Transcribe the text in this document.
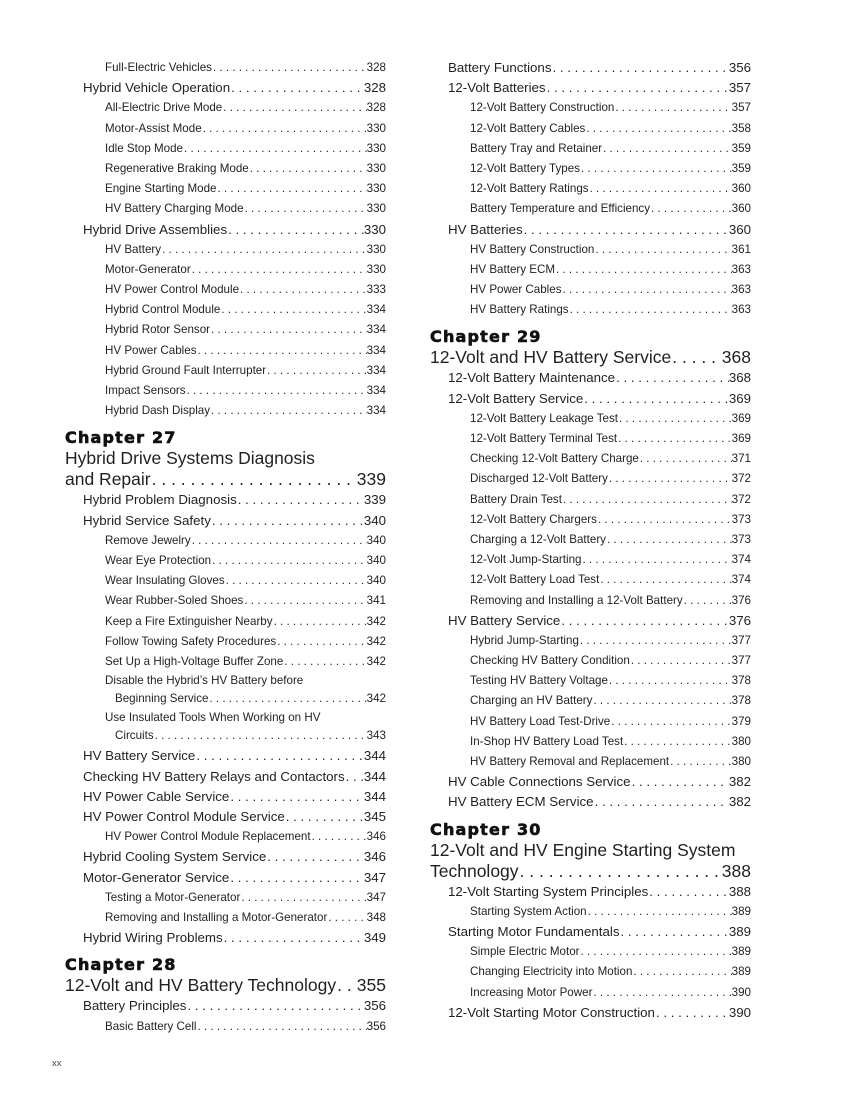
Full-Electric Vehicles . . .	328
Hybrid Vehicle Operation . . .	328
All-Electric Drive Mode . . .	328
Motor-Assist Mode . . .	330
Idle Stop Mode . . .	330
Regenerative Braking Mode . . .	330
Engine Starting Mode . . .	330
HV Battery Charging Mode . . .	330
Hybrid Drive Assemblies . . .	330
HV Battery . . .	330
Motor-Generator . . .	330
HV Power Control Module . . .	333
Hybrid Control Module . . .	334
Hybrid Rotor Sensor . . .	334
HV Power Cables . . .	334
Hybrid Ground Fault Interrupter . . .	334
Impact Sensors . . .	334
Hybrid Dash Display . . .	334
Chapter 27
Hybrid Drive Systems Diagnosis
and Repair . . .	339
Hybrid Problem Diagnosis . . .	339
Hybrid Service Safety . . .	340
Remove Jewelry . . .	340
Wear Eye Protection . . .	340
Wear Insulating Gloves . . .	340
Wear Rubber-Soled Shoes . . .	341
Keep a Fire Extinguisher Nearby . . .	342
Follow Towing Safety Procedures . . .	342
Set Up a High-Voltage Buffer Zone . . .	342
Disable the Hybrid’s HV Battery before
Beginning Service . . .	342
Use Insulated Tools When Working on HV
Circuits . . .	343
HV Battery Service . . .	344
Checking HV Battery Relays and Contactors . . . 344
HV Power Cable Service . . .	344
HV Power Control Module Service . . .	345
HV Power Control Module Replacement . . .	346
Hybrid Cooling System Service . . .	346
Motor-Generator Service . . .	347
Testing a Motor-Generator . . .	347
Removing and Installing a Motor-Generator . . .	348
Hybrid Wiring Problems . . .	349
Chapter 28
12-Volt and HV Battery Technology . . . 355
Battery Principles . . .	356
Basic Battery Cell . . .	356
Battery Functions . . .	356
12-Volt Batteries . . .	357
12-Volt Battery Construction . . .	357
12-Volt Battery Cables . . .	358
Battery Tray and Retainer . . .	359
12-Volt Battery Types . . .	359
12-Volt Battery Ratings . . .	360
Battery Temperature and Efficiency . . .	360
HV Batteries . . .	360
HV Battery Construction . . .	361
HV Battery ECM . . .	363
HV Power Cables . . .	363
HV Battery Ratings . . .	363
Chapter 29
12-Volt and HV Battery Service . . .	368
12-Volt Battery Maintenance . . .	368
12-Volt Battery Service . . .	369
12-Volt Battery Leakage Test . . .	369
12-Volt Battery Terminal Test . . .	369
Checking 12-Volt Battery Charge . . .	371
Discharged 12-Volt Battery . . .	372
Battery Drain Test . . .	372
12-Volt Battery Chargers . . .	373
Charging a 12-Volt Battery . . .	373
12-Volt Jump-Starting . . .	374
12-Volt Battery Load Test . . .	374
Removing and Installing a 12-Volt Battery . . .	376
HV Battery Service . . .	376
Hybrid Jump-Starting . . .	377
Checking HV Battery Condition . . .	377
Testing HV Battery Voltage . . .	378
Charging an HV Battery . . .	378
HV Battery Load Test-Drive . . .	379
In-Shop HV Battery Load Test . . .	380
HV Battery Removal and Replacement . . .	380
HV Cable Connections Service . . .	382
HV Battery ECM Service . . .	382
Chapter 30
12-Volt and HV Engine Starting System
Technology . . .	388
12-Volt Starting System Principles . . .	388
Starting System Action . . .	389
Starting Motor Fundamentals . . .	389
Simple Electric Motor . . .	389
Changing Electricity into Motion . . .	389
Increasing Motor Power . . .	390
12-Volt Starting Motor Construction . . .	390
xx
